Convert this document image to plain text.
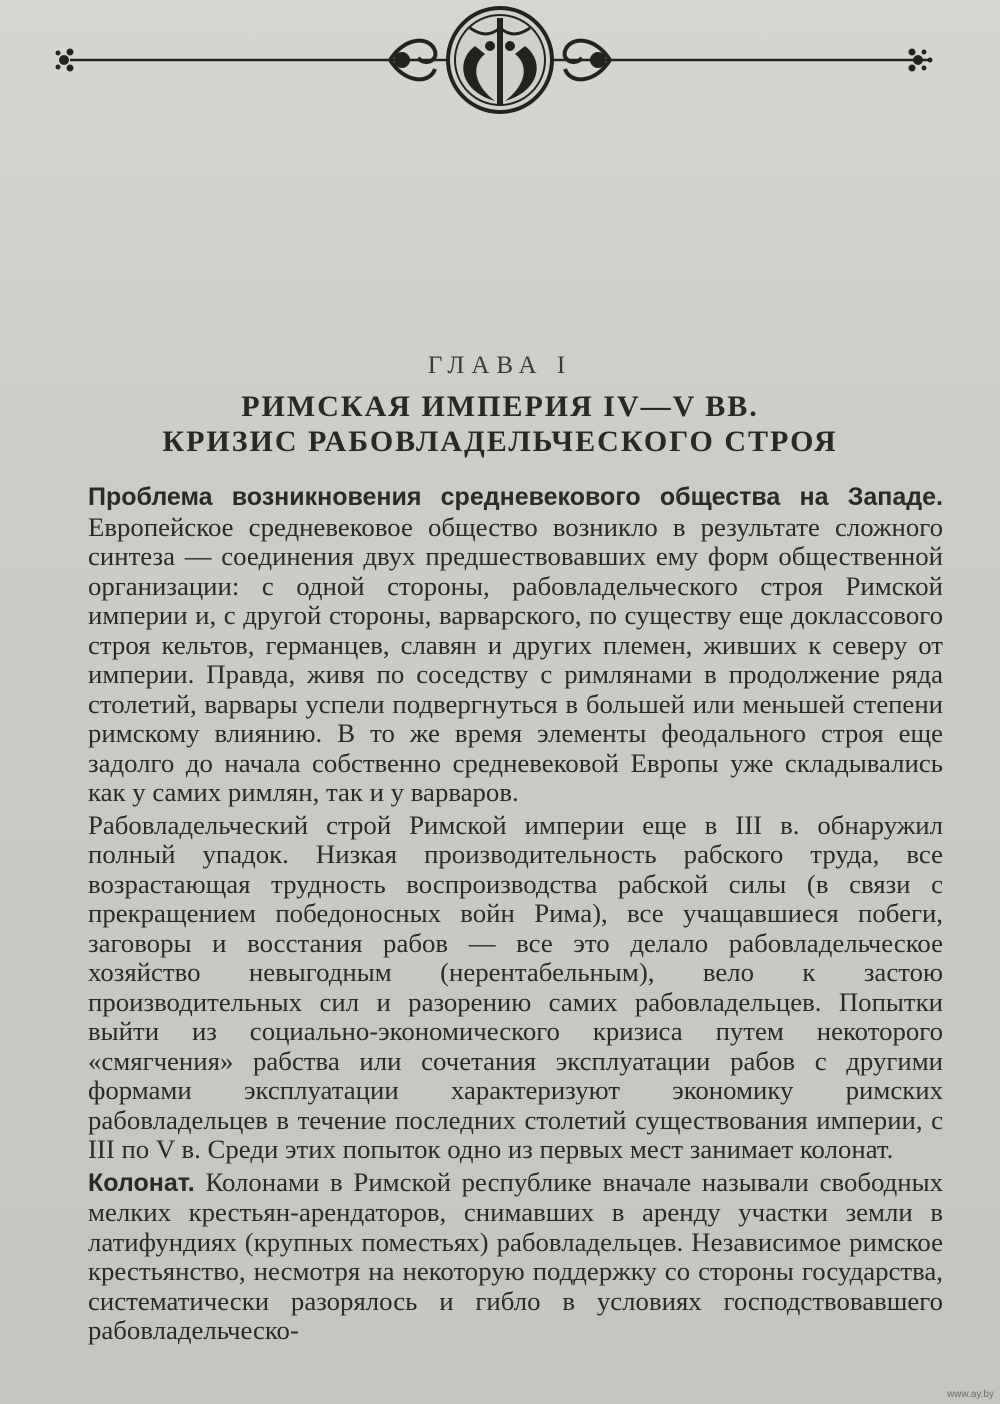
ГЛАВА I
РИМСКАЯ ИМПЕРИЯ IV—V ВВ.
КРИЗИС РАБОВЛАДЕЛЬЧЕСКОГО СТРОЯ

Проблема возникновения средневекового общества на Западе. Европейское средневековое общество возникло в результате сложного синтеза — соединения двух предшествовавших ему форм общественной организации: с одной стороны, рабовладельческого строя Римской империи и, с другой стороны, варварского, по существу еще доклассового строя кельтов, германцев, славян и других племен, живших к северу от империи. Правда, живя по соседству с римлянами в продолжение ряда столетий, варвары успели подвергнуться в большей или меньшей степени римскому влиянию. В то же время элементы феодального строя еще задолго до начала собственно средневековой Европы уже складывались как у самих римлян, так и у варваров.

Рабовладельческий строй Римской империи еще в III в. обнаружил полный упадок. Низкая производительность рабского труда, все возрастающая трудность воспроизводства рабской силы (в связи с прекращением победоносных войн Рима), все учащавшиеся побеги, заговоры и восстания рабов — все это делало рабовладельческое хозяйство невыгодным (нерентабельным), вело к застою производительных сил и разорению самих рабовладельцев. Попытки выйти из социально-экономического кризиса путем некоторого «смягчения» рабства или сочетания эксплуатации рабов с другими формами эксплуатации характеризуют экономику римских рабовладельцев в течение последних столетий существования империи, с III по V в. Среди этих попыток одно из первых мест занимает колонат.

Колонат. Колонами в Римской республике вначале называли свободных мелких крестьян-арендаторов, снимавших в аренду участки земли в латифундиях (крупных поместьях) рабовладельцев. Независимое римское крестьянство, несмотря на некоторую поддержку со стороны государства, систематически разорялось и гибло в условиях господствовавшего рабовладельческо-

www.ay.by
